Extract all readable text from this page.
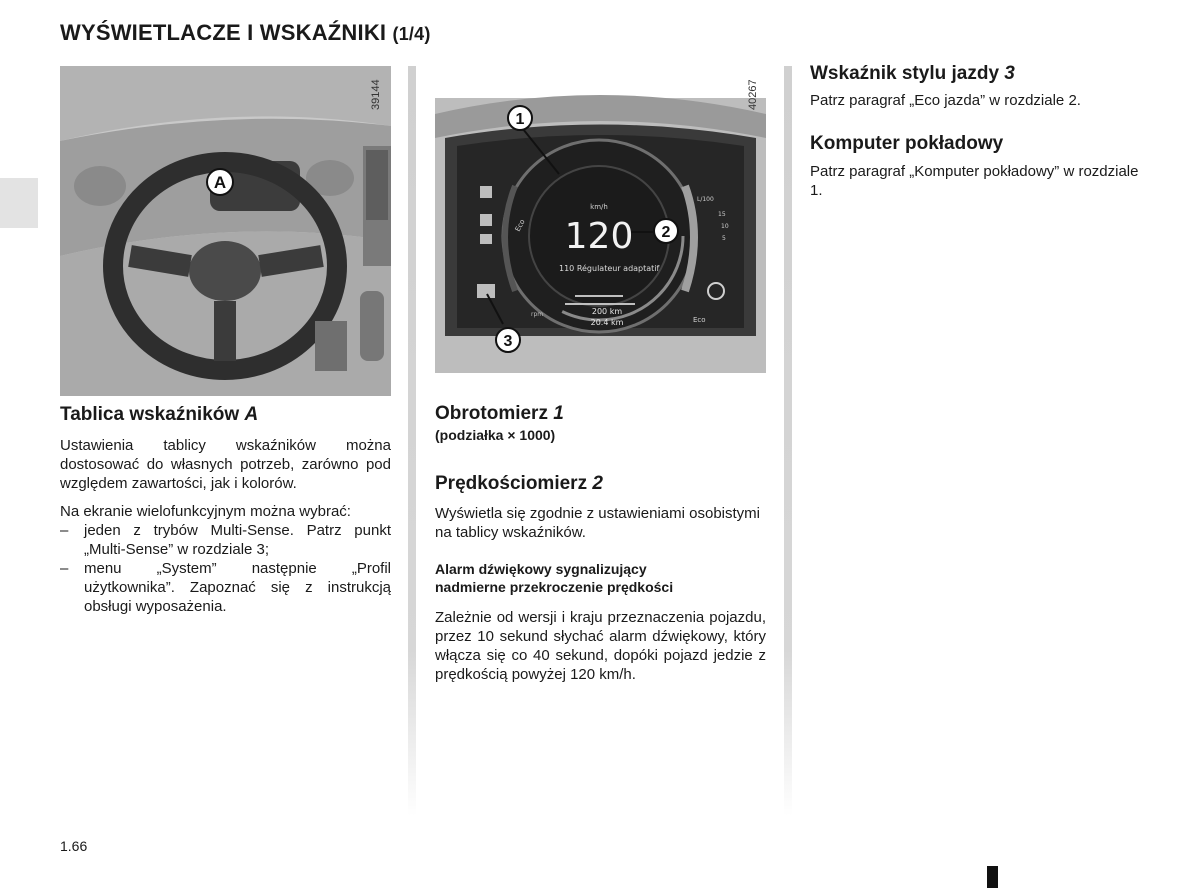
WYŚWIETLACZE I WSKAŹNIKI (1/4)
39144
A
Tablica wskaźników A

Ustawienia tablicy wskaźników można dostosować do własnych potrzeb, zarówno pod względem zawartości, jak i kolorów.

Na ekranie wielofunkcyjnym można wybrać:

– jeden z trybów Multi-Sense. Patrz punkt „Multi-Sense” w rozdziale 3;
– menu „System” następnie „Profil użytkownika”. Zapoznać się z instrukcją obsługi wyposażenia.
120
km/h
110 Régulateur adaptatif
200 km
20.4 km	Eco
Eco
rpm
L/100
15
10
5
40267
1
2
3
Obrotomierz 1
(podziałka × 1000)
Prędkościomierz 2

Wyświetla się zgodnie z ustawieniami osobistymi na tablicy wskaźników.

Alarm dźwiękowy sygnalizujący
nadmierne przekroczenie prędkości

Zależnie od wersji i kraju przeznaczenia pojazdu, przez 10 sekund słychać alarm dźwiękowy, który włącza się co 40 sekund, dopóki pojazd jedzie z prędkością powyżej 120 km/h.

Wskaźnik stylu jazdy 3

Patrz paragraf „Eco jazda” w rozdziale 2.

Komputer pokładowy

Patrz paragraf „Komputer pokładowy” w rozdziale 1.

1.66
